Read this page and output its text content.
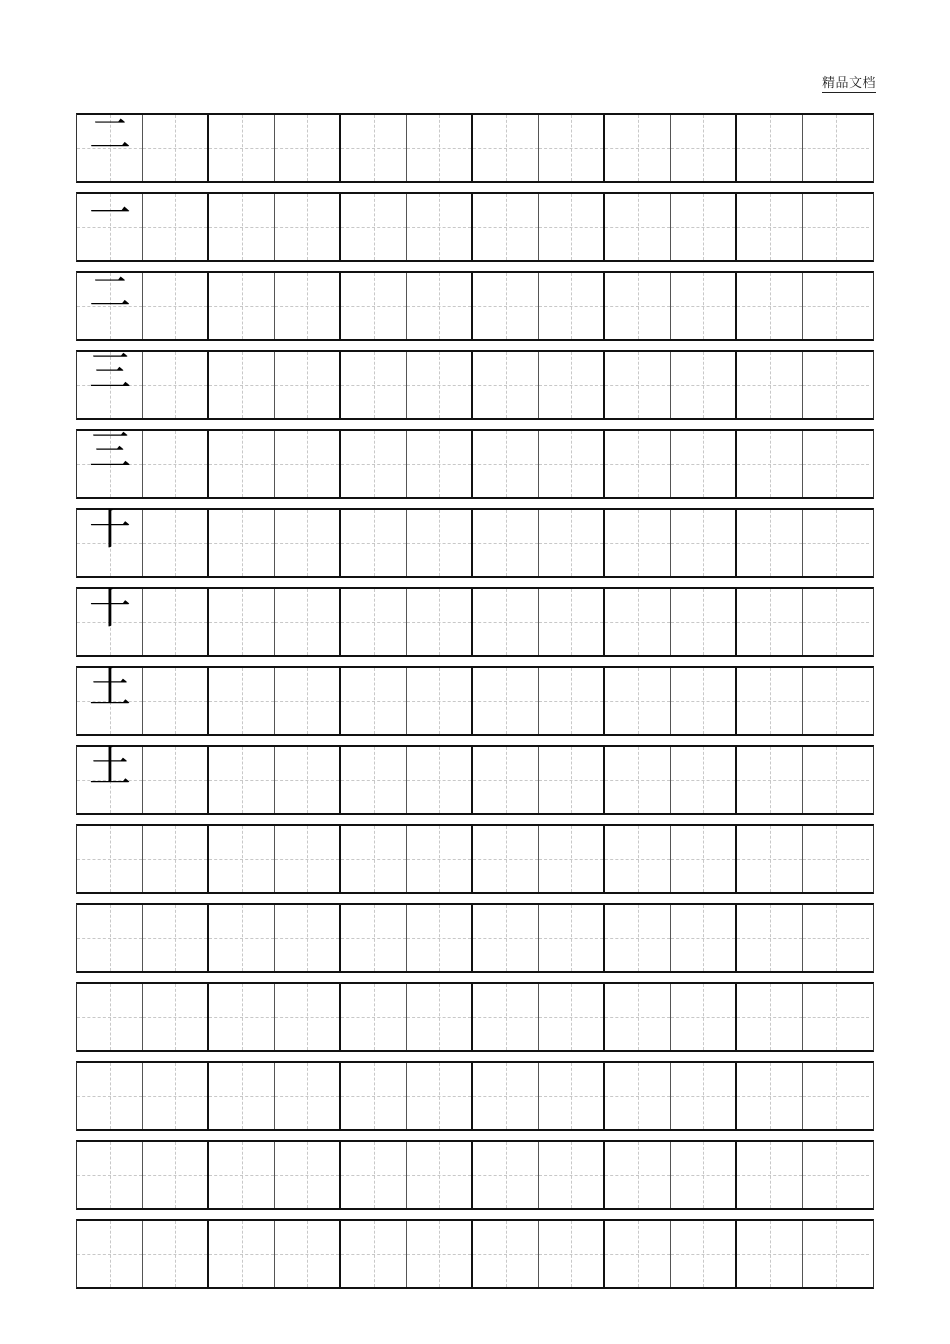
精品文档
二
一
二
三
三
十
十
土
土
